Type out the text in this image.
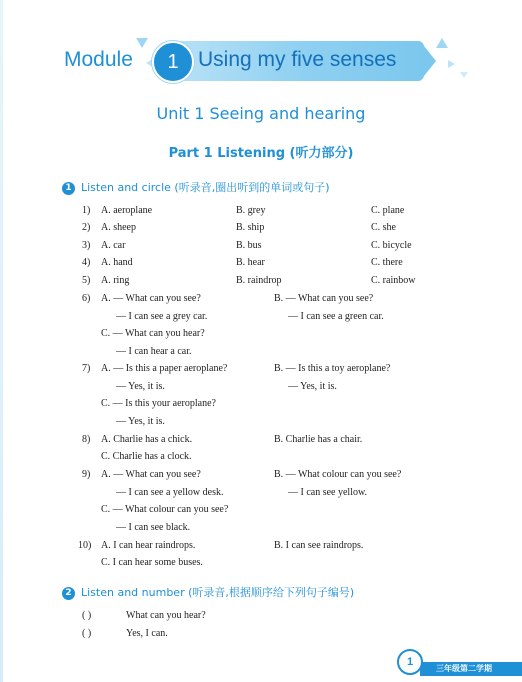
Module	1 Using my five senses
Unit 1 Seeing and hearing
Part 1 Listening (听力部分)
1 Listen and circle (听录音,圈出听到的单词或句子)
1) A. aeroplane	B. grey	C. plane
2) A. sheep	B. ship	C. she
3) A. car	B. bus	C. bicycle
4) A. hand	B. hear	C. there
5) A. ring	B. raindrop	C. rainbow
6) A. — What can you see?
— I can see a grey car.
B. — What can you see?
— I can see a green car.
C. — What can you hear?
— I can hear a car.
7) A. — Is this a paper aeroplane?
— Yes, it is.
B. — Is this a toy aeroplane?
— Yes, it is.
C. — Is this your aeroplane?
— Yes, it is.
8) A. Charlie has a chick.	B. Charlie has a chair.
C. Charlie has a clock.
9) A. — What can you see?
— I can see a yellow desk.
B. — What colour can you see?
— I can see yellow.
C. — What colour can you see?
— I can see black.
10) A. I can hear raindrops.	B. I can see raindrops.
C. I can hear some buses.
2 Listen and number (听录音,根据顺序给下列句子编号)
( )	What can you hear?
( )	Yes, I can.
三年级第二学期
1
